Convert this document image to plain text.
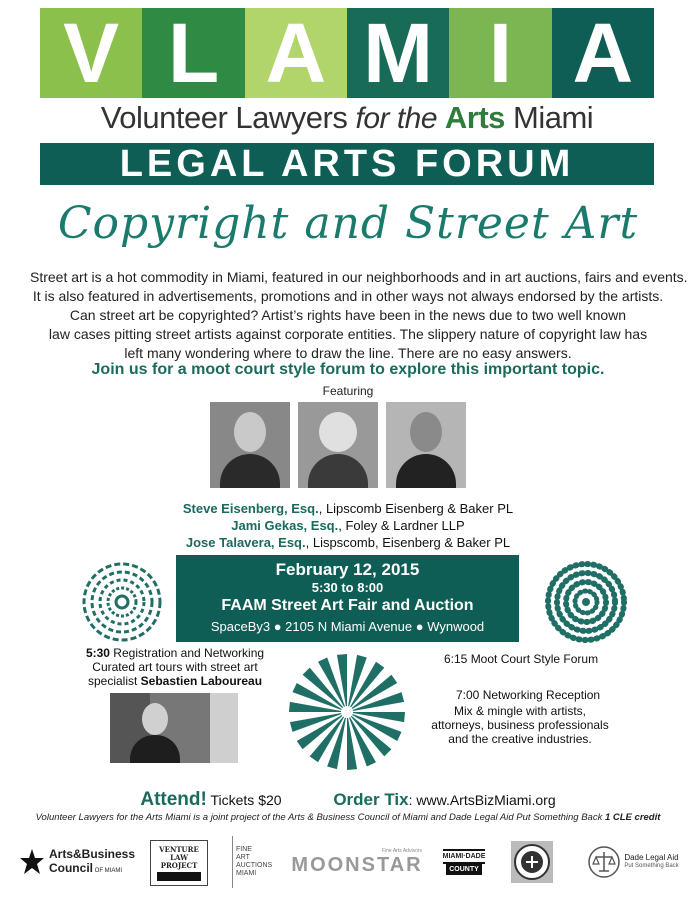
V L A M I A
Volunteer Lawyers for the Arts Miami
LEGAL ARTS FORUM
Copyright and Street Art

Street art is a hot commodity in Miami, featured in our neighborhoods and in art auctions, fairs and events.

It is also featured in advertisements, promotions and in other ways not always endorsed by the artists.

Can street art be copyrighted? Artist’s rights have been in the news due to two well known

law cases pitting street artists against corporate entities. The slippery nature of copyright law has

left many wondering where to draw the line. There are no easy answers.

Join us for a moot court style forum to explore this important topic.
Featuring
Steve Eisenberg, Esq., Lipscomb Eisenberg & Baker PL
Jami Gekas, Esq., Foley & Lardner LLP
Jose Talavera, Esq., Lispscomb, Eisenberg & Baker PL
February 12, 2015
5:30 to 8:00
FAAM Street Art Fair and Auction
SpaceBy3 ● 2105 N Miami Avenue ● Wynwood
5:30 Registration and Networking
Curated art tours with street art
specialist Sebastien Laboureau
6:15 Moot Court Style Forum
7:00 Networking Reception
Mix & mingle with artists,
attorneys, business professionals
and the creative industries.
Attend! Tickets $20	Order Tix: www.ArtsBizMiami.org
Volunteer Lawyers for the Arts Miami is a joint project of the Arts & Business Council of Miami and Dade Legal Aid Put Something Back 1 CLE credit
Arts&Business
Council OF MIAMI
VENTURE
LAW
PROJECT
FINE
ART
AUCTIONS
MIAMI
Fine Arts Advisors
MOONSTAR	MIAMI·DADE
COUNTY
Dade Legal Aid
Put Something Back
